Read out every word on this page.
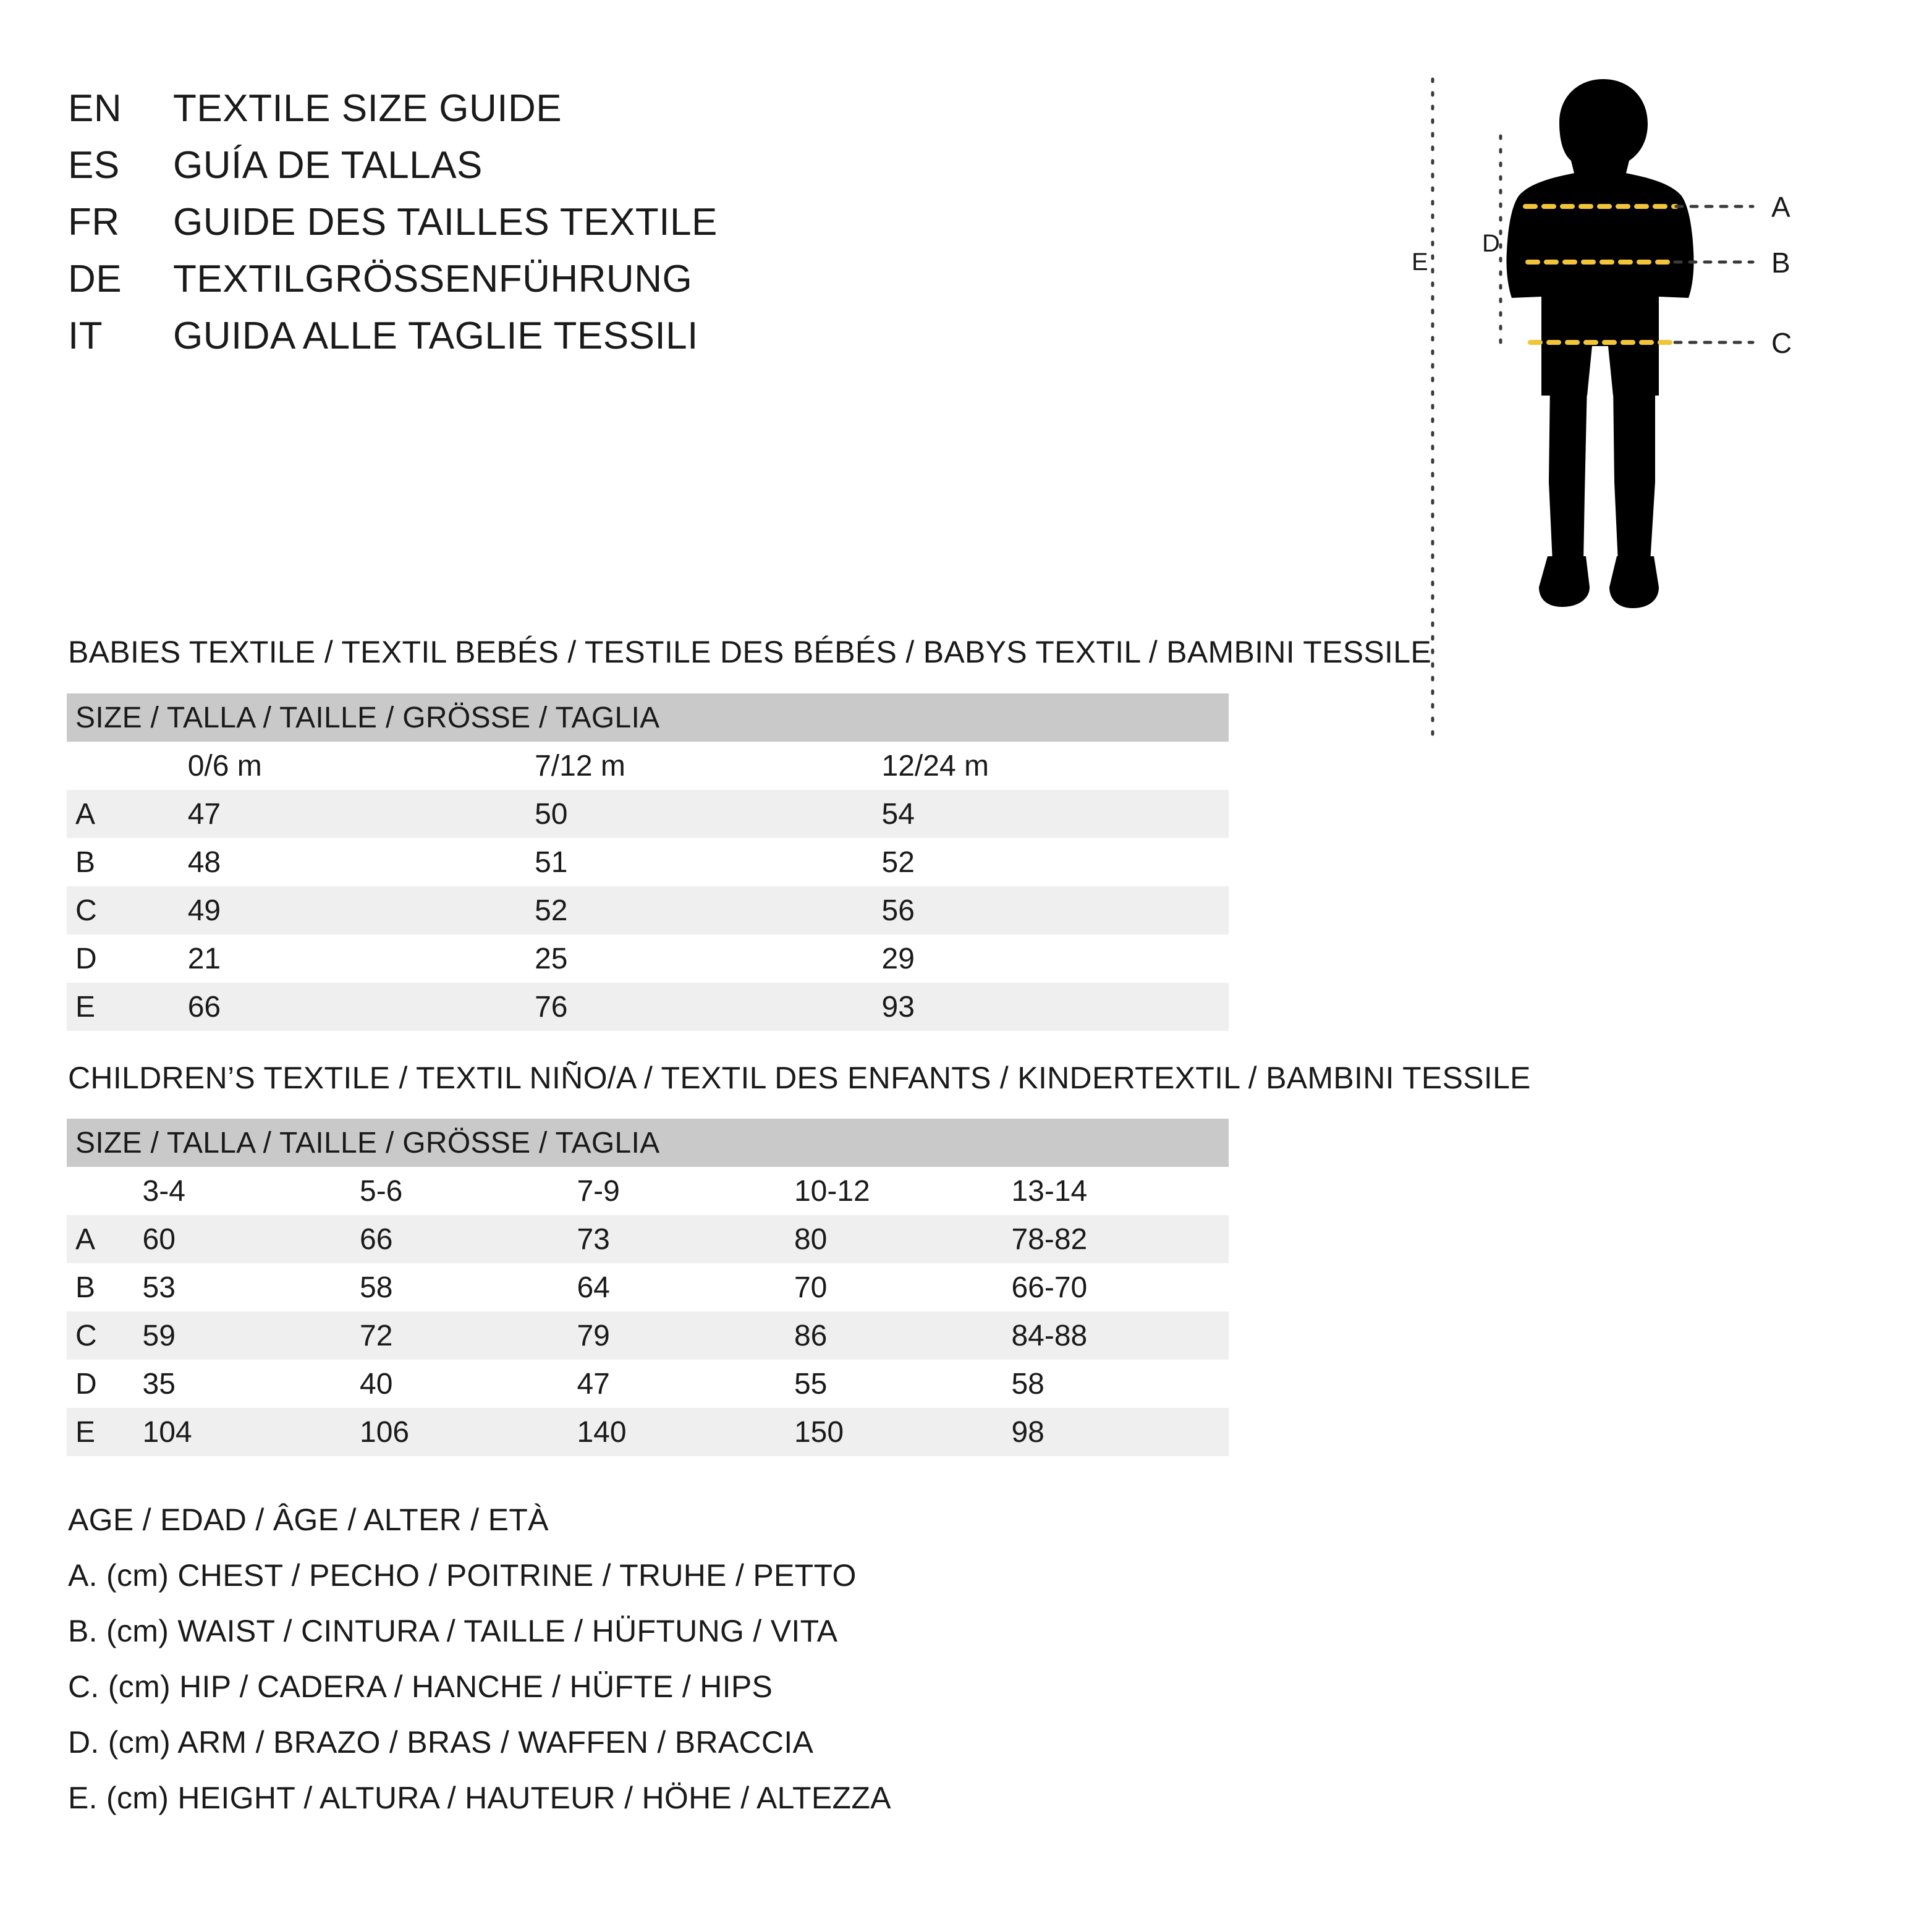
EN	TEXTILE SIZE GUIDE
ES	GUÍA DE TALLAS
FR	GUIDE DES TAILLES TEXTILE
DE	TEXTILGRÖSSENFÜHRUNG
IT	GUIDA ALLE TAGLIE TESSILI
A
B
C
D
E
BABIES TEXTILE / TEXTIL BEBÉS / TESTILE DES BÉBÉS / BABYS TEXTIL / BAMBINI TESSILE
SIZE / TALLA / TAILLE / GRÖSSE / TAGLIA			
	0/6 m	7/12 m	12/24 m
A	47	50	54
B	48	51	52
C	49	52	56
D	21	25	29
E	66	76	93
CHILDREN’S TEXTILE / TEXTIL NIÑO/A / TEXTIL DES ENFANTS / KINDERTEXTIL / BAMBINI TESSILE
SIZE / TALLA / TAILLE / GRÖSSE / TAGLIA					
	3-4	5-6	7-9	10-12	13-14
A	60	66	73	80	78-82
B	53	58	64	70	66-70
C	59	72	79	86	84-88
D	35	40	47	55	58
E	104	106	140	150	98
AGE / EDAD / ÂGE / ALTER / ETÀ
A. (cm) CHEST / PECHO / POITRINE / TRUHE / PETTO
B. (cm) WAIST / CINTURA / TAILLE / HÜFTUNG / VITA
C. (cm) HIP / CADERA / HANCHE / HÜFTE / HIPS
D. (cm) ARM / BRAZO / BRAS / WAFFEN / BRACCIA
E. (cm) HEIGHT / ALTURA / HAUTEUR / HÖHE / ALTEZZA
